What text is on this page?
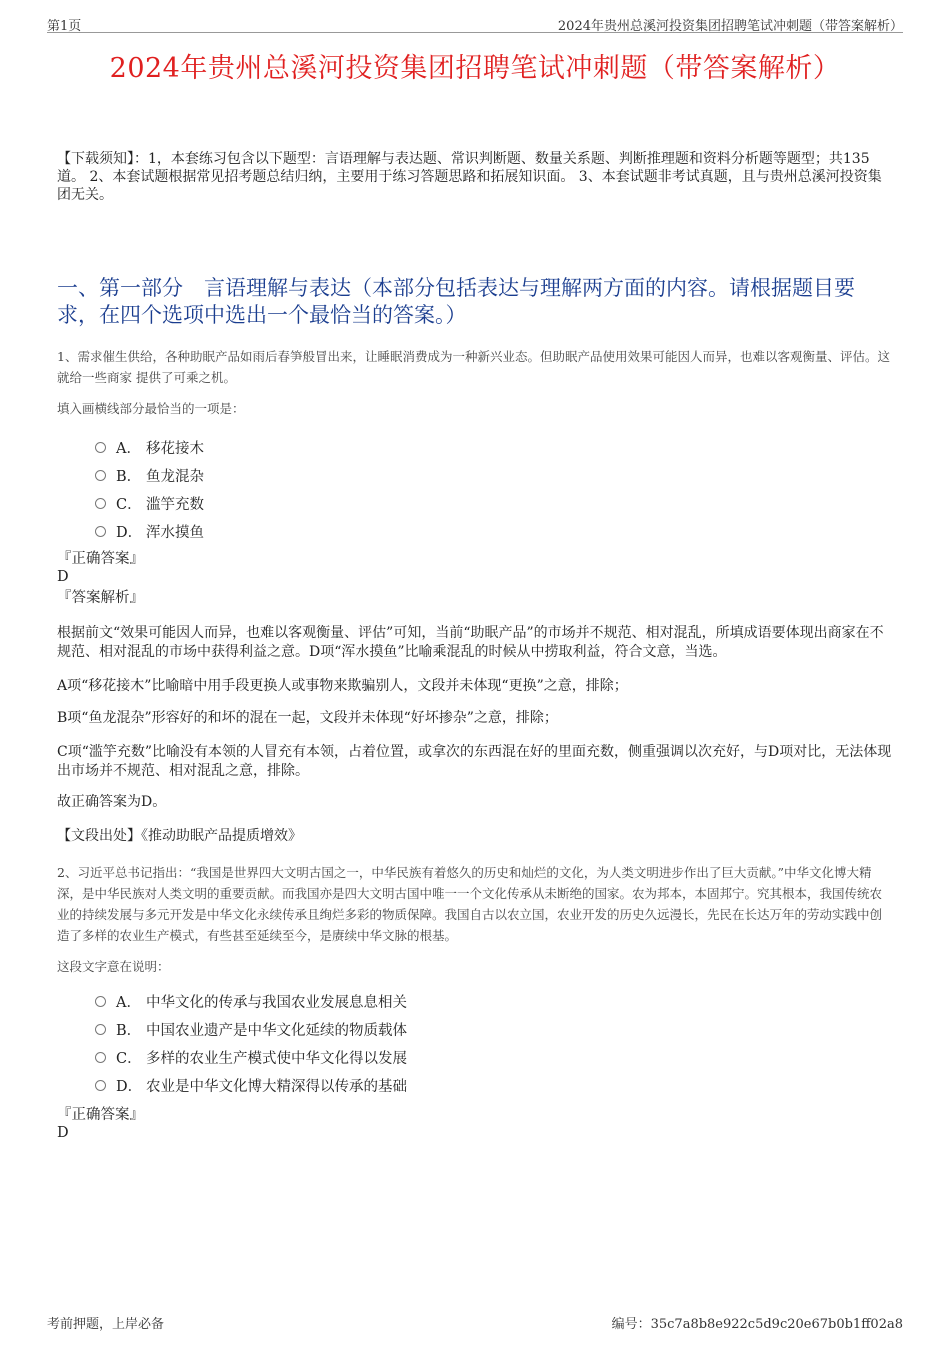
第1页	2024年贵州总溪河投资集团招聘笔试冲刺题（带答案解析）
2024年贵州总溪河投资集团招聘笔试冲刺题（带答案解析）
【下载须知】：1，本套练习包含以下题型：言语理解与表达题、常识判断题、数量关系题、判断推理题和资料分析题等题型；共135道。 2、本套试题根据常见招考题总结归纳，主要用于练习答题思路和拓展知识面。 3、本套试题非考试真题，且与贵州总溪河投资集团无关。
一、第一部分　言语理解与表达（本部分包括表达与理解两方面的内容。请根据题目要求，在四个选项中选出一个最恰当的答案。）
1、需求催生供给，各种助眠产品如雨后春笋般冒出来，让睡眠消费成为一种新兴业态。但助眠产品使用效果可能因人而异，也难以客观衡量、评估。这就给一些商家 提供了可乘之机。
填入画横线部分最恰当的一项是：
A． 移花接木
B． 鱼龙混杂
C． 滥竽充数
D． 浑水摸鱼
『正确答案』
D
『答案解析』
根据前文“效果可能因人而异，也难以客观衡量、评估”可知，当前“助眠产品”的市场并不规范、相对混乱，所填成语要体现出商家在不规范、相对混乱的市场中获得利益之意。D项“浑水摸鱼”比喻乘混乱的时候从中捞取利益，符合文意，当选。
A项“移花接木”比喻暗中用手段更换人或事物来欺骗别人，文段并未体现“更换”之意，排除；
B项“鱼龙混杂”形容好的和坏的混在一起，文段并未体现“好坏掺杂”之意，排除；
C项“滥竽充数”比喻没有本领的人冒充有本领，占着位置，或拿次的东西混在好的里面充数，侧重强调以次充好，与D项对比，无法体现出市场并不规范、相对混乱之意，排除。
故正确答案为D。
【文段出处】《推动助眠产品提质增效》
2、习近平总书记指出：“我国是世界四大文明古国之一，中华民族有着悠久的历史和灿烂的文化，为人类文明进步作出了巨大贡献。”中华文化博大精深，是中华民族对人类文明的重要贡献。而我国亦是四大文明古国中唯一一个文化传承从未断绝的国家。农为邦本，本固邦宁。究其根本，我国传统农业的持续发展与多元开发是中华文化永续传承且绚烂多彩的物质保障。我国自古以农立国，农业开发的历史久远漫长，先民在长达万年的劳动实践中创造了多样的农业生产模式，有些甚至延续至今，是赓续中华文脉的根基。
这段文字意在说明：
A． 中华文化的传承与我国农业发展息息相关
B． 中国农业遗产是中华文化延续的物质载体
C． 多样的农业生产模式使中华文化得以发展
D． 农业是中华文化博大精深得以传承的基础
『正确答案』
D
考前押题，上岸必备	编号：35c7a8b8e922c5d9c20e67b0b1ff02a8
